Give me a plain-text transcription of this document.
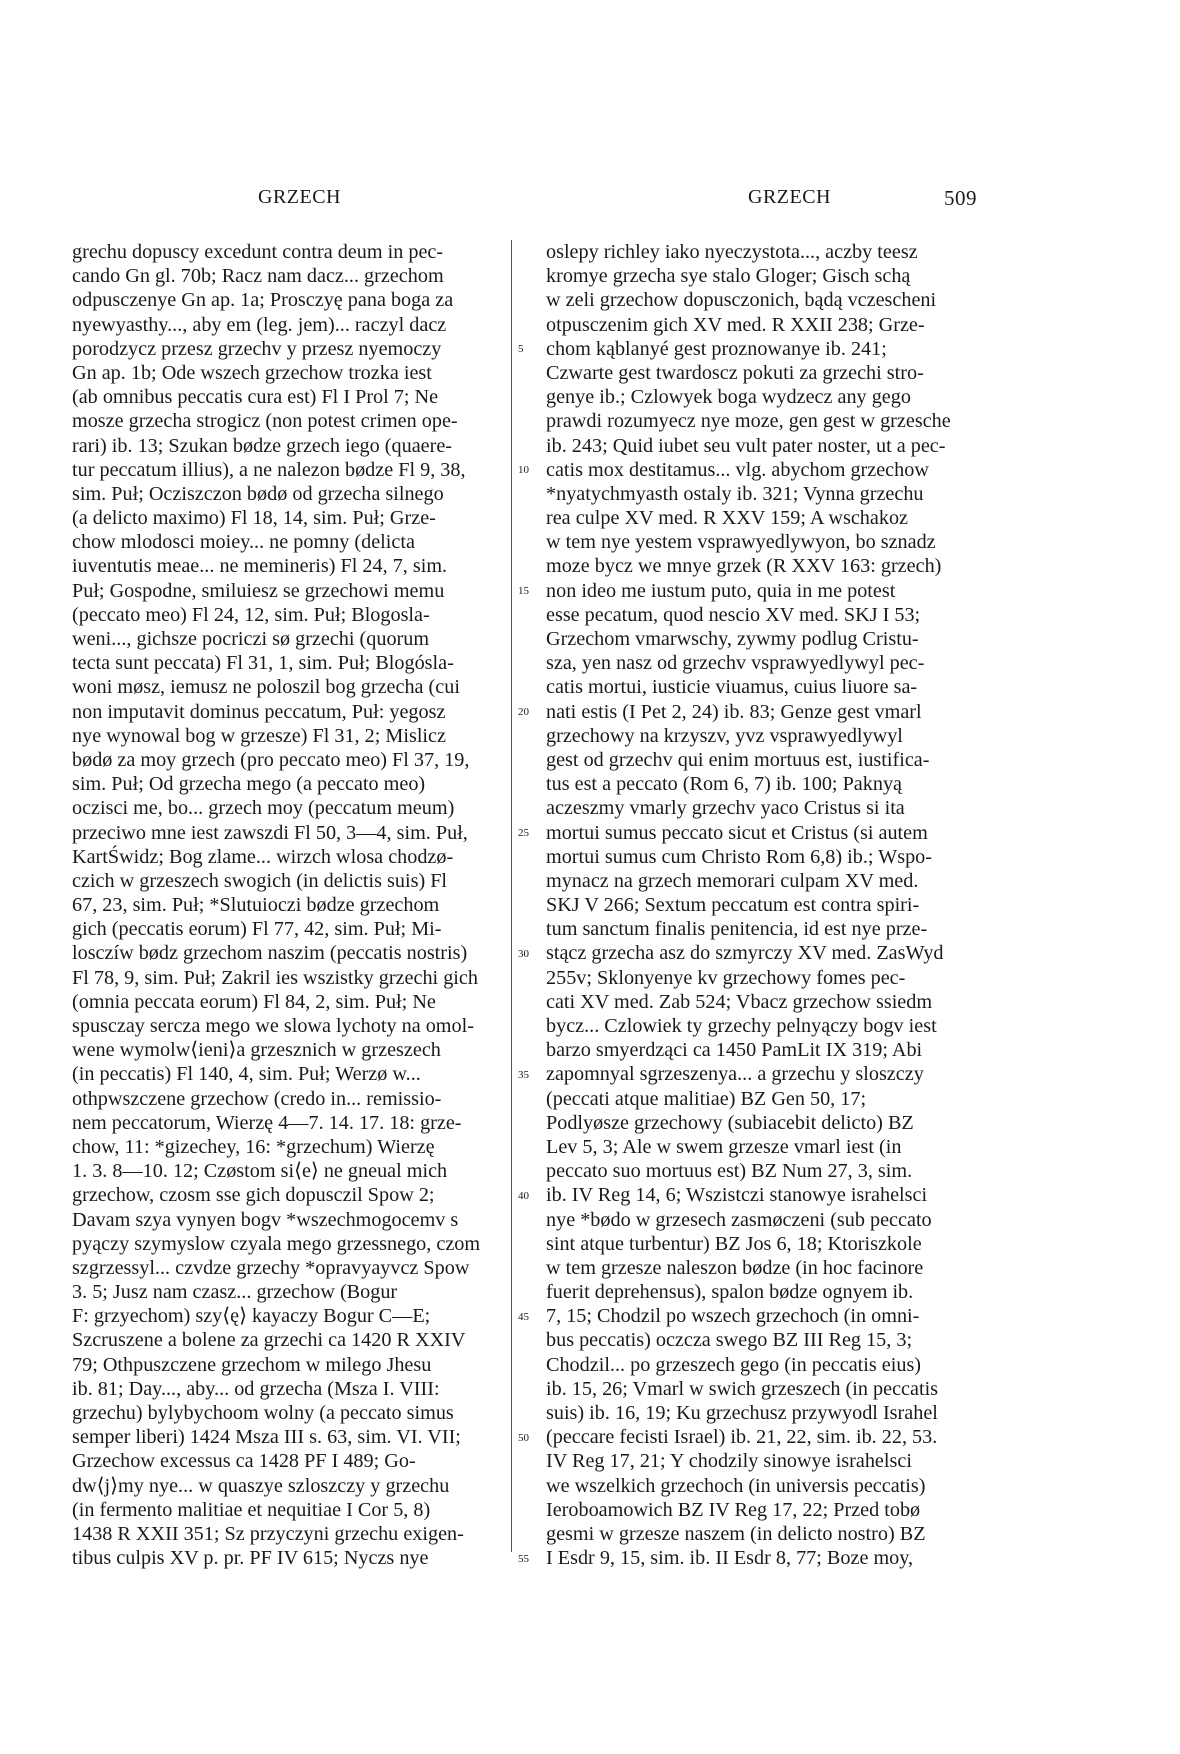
GRZECH	GRZECH	509

grechu dopuscy excedunt contra deum in pec-

cando Gn gl. 70b; Racz nam dacz... grzechom

odpusczenye Gn ap. 1a; Prosczyę pana boga za

nyewyasthy..., aby em (leg. jem)... raczyl dacz

porodzycz przesz grzechv y przesz nyemoczy

Gn ap. 1b; Ode wszech grzechow trozka iest

(ab omnibus peccatis cura est) Fl I Prol 7; Ne

mosze grzecha strogicz (non potest crimen ope-

rari) ib. 13; Szukan bødze grzech iego (quaere-

tur peccatum illius), a ne nalezon bødze Fl 9, 38,

sim. Puł; Ocziszczon bødø od grzecha silnego

(a delicto maximo) Fl 18, 14, sim. Puł; Grze-

chow mlodosci moiey... ne pomny (delicta

iuventutis meae... ne memineris) Fl 24, 7, sim.

Puł; Gospodne, smiluiesz se grzechowi memu

(peccato meo) Fl 24, 12, sim. Puł; Blogosla-

weni..., gichsze pocriczi sø grzechi (quorum

tecta sunt peccata) Fl 31, 1, sim. Puł; Blogósla-

woni møsz, iemusz ne poloszil bog grzecha (cui

non imputavit dominus peccatum, Puł: yegosz

nye wynowal bog w grzesze) Fl 31, 2; Mislicz

bødø za moy grzech (pro peccato meo) Fl 37, 19,

sim. Puł; Od grzecha mego (a peccato meo)

oczisci me, bo... grzech moy (peccatum meum)

przeciwo mne iest zawszdi Fl 50, 3—4, sim. Puł,

KartŚwidz; Bog zlame... wirzch wlosa chodzø-

czich w grzeszech swogich (in delictis suis) Fl

67, 23, sim. Puł; *Slutuioczi bødze grzechom

gich (peccatis eorum) Fl 77, 42, sim. Puł; Mi-

losczíw bødz grzechom naszim (peccatis nostris)

Fl 78, 9, sim. Puł; Zakril ies wszistky grzechi gich

(omnia peccata eorum) Fl 84, 2, sim. Puł; Ne

spusczay sercza mego we slowa lychoty na omol-

wene wymolw⟨ieni⟩a grzesznich w grzeszech

(in peccatis) Fl 140, 4, sim. Puł; Werzø w...

othpwszczene grzechow (credo in... remissio-

nem peccatorum, Wierzę 4—7. 14. 17. 18: grze-

chow, 11: *gizechey, 16: *grzechum) Wierzę

1. 3. 8—10. 12; Czøstom si⟨e⟩ ne gneual mich

grzechow, czosm sse gich dopusczil Spow 2;

Davam szya vynyen bogv *wszechmogocemv s

pyączy szymyslow czyala mego grzessnego, czom

szgrzessyl... czvdze grzechy *opravyayvcz Spow

3. 5; Jusz nam czasz... grzechow (Bogur

F: grzyechom) szy⟨ę⟩ kayaczy Bogur C—E;

Szcruszene a bolene za grzechi ca 1420 R XXIV

79; Othpuszczene grzechom w milego Jhesu

ib. 81; Day..., aby... od grzecha (Msza I. VIII:

grzechu) bylybychoom wolny (a peccato simus

semper liberi) 1424 Msza III s. 63, sim. VI. VII;

Grzechow excessus ca 1428 PF I 489; Go-

dw⟨j⟩my nye... w quaszye szloszczy y grzechu

(in fermento malitiae et nequitiae I Cor 5, 8)

1438 R XXII 351; Sz przyczyni grzechu exigen-

tibus culpis XV p. pr. PF IV 615; Nyczs nye

5
10
15
20
25
30
35
40
45
50
55

oslepy richley iako nyeczystota..., aczby teesz

kromye grzecha sye stalo Gloger; Gisch schą

w zeli grzechow dopusczonich, bądą vczescheni

otpusczenim gich XV med. R XXII 238; Grze-

chom kąblanyé gest proznowanye ib. 241;

Czwarte gest twardoscz pokuti za grzechi stro-

genye ib.; Czlowyek boga wydzecz any gego

prawdi rozumyecz nye moze, gen gest w grzesche

ib. 243; Quid iubet seu vult pater noster, ut a pec-

catis mox destitamus... vlg. abychom grzechow

*nyatychmyasth ostaly ib. 321; Vynna grzechu

rea culpe XV med. R XXV 159; A wschakoz

w tem nye yestem vsprawyedlywyon, bo sznadz

moze bycz we mnye grzek (R XXV 163: grzech)

non ideo me iustum puto, quia in me potest

esse pecatum, quod nescio XV med. SKJ I 53;

Grzechom vmarwschy, zywmy podlug Cristu-

sza, yen nasz od grzechv vsprawyedlywyl pec-

catis mortui, iusticie viuamus, cuius liuore sa-

nati estis (I Pet 2, 24) ib. 83; Genze gest vmarl

grzechowy na krzyszv, yvz vsprawyedlywyl

gest od grzechv qui enim mortuus est, iustifica-

tus est a peccato (Rom 6, 7) ib. 100; Paknyą

aczeszmy vmarly grzechv yaco Cristus si ita

mortui sumus peccato sicut et Cristus (si autem

mortui sumus cum Christo Rom 6,8) ib.; Wspo-

mynacz na grzech memorari culpam XV med.

SKJ V 266; Sextum peccatum est contra spiri-

tum sanctum finalis penitencia, id est nye prze-

stącz grzecha asz do szmyrczy XV med. ZasWyd

255v; Sklonyenye kv grzechowy fomes pec-

cati XV med. Zab 524; Vbacz grzechow ssiedm

bycz... Czlowiek ty grzechy pelnyączy bogv iest

barzo smyerdząci ca 1450 PamLit IX 319; Abi

zapomnyal sgrzeszenya... a grzechu y sloszczy

(peccati atque malitiae) BZ Gen 50, 17;

Podlyøsze grzechowy (subiacebit delicto) BZ

Lev 5, 3; Ale w swem grzesze vmarl iest (in

peccato suo mortuus est) BZ Num 27, 3, sim.

ib. IV Reg 14, 6; Wszistczi stanowye israhelsci

nye *bødo w grzesech zasmøczeni (sub peccato

sint atque turbentur) BZ Jos 6, 18; Ktoriszkole

w tem grzesze naleszon bødze (in hoc facinore

fuerit deprehensus), spalon bødze ognyem ib.

7, 15; Chodzil po wszech grzechoch (in omni-

bus peccatis) oczcza swego BZ III Reg 15, 3;

Chodzil... po grzeszech gego (in peccatis eius)

ib. 15, 26; Vmarl w swich grzeszech (in peccatis

suis) ib. 16, 19; Ku grzechusz przywyodl Israhel

(peccare fecisti Israel) ib. 21, 22, sim. ib. 22, 53.

IV Reg 17, 21; Y chodzily sinowye israhelsci

we wszelkich grzechoch (in universis peccatis)

Ieroboamowich BZ IV Reg 17, 22; Przed tobø

gesmi w grzesze naszem (in delicto nostro) BZ

I Esdr 9, 15, sim. ib. II Esdr 8, 77; Boze moy,
